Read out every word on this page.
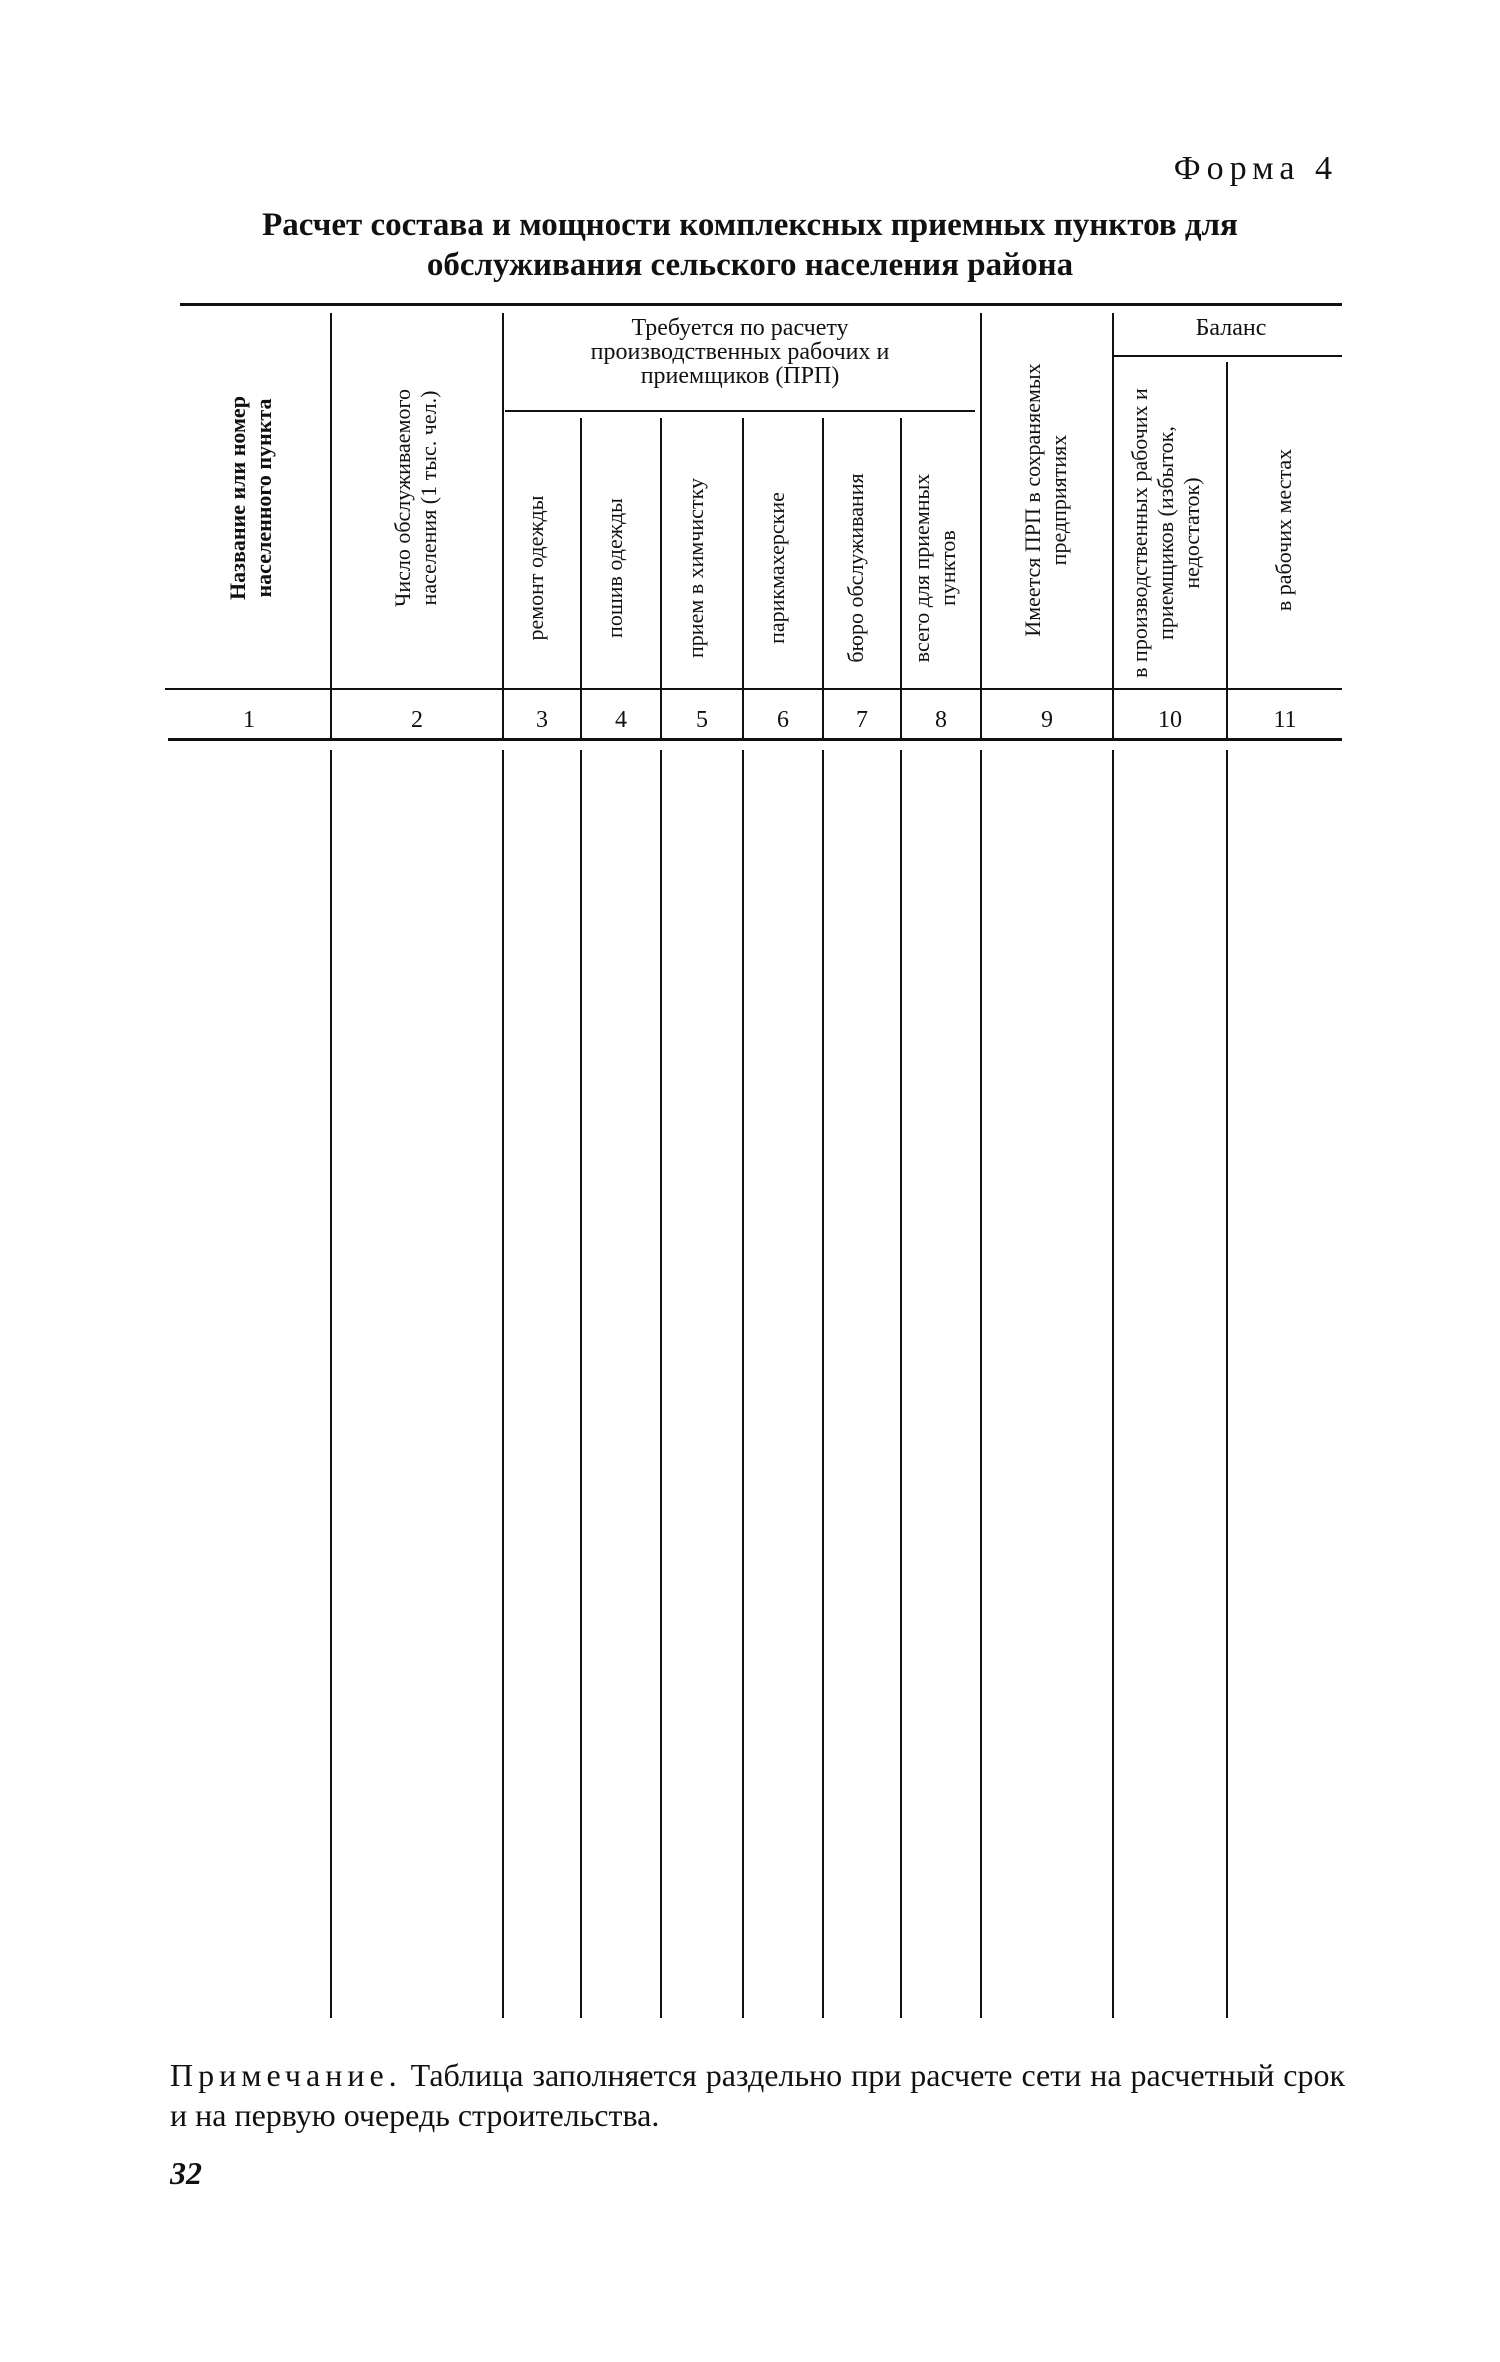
Форма 4
Расчет состава и мощности комплексных приемных пунктов для
обслуживания сельского населения района
Требуется по расчету производственных рабочих и приемщиков (ПРП)
Баланс
Название или номер населенного пункта	Число обслуживаемого населения (1 тыс. чел.)	ремонт одежды	пошив одежды	прием в химчистку	парикмахерские	бюро обслуживания	всего для приемных пунктов	Имеется ПРП в сохраняемых предприятиях	в производственных рабочих и приемщиков (избыток, недостаток)	в рабочих местах
1	2	3	4	5	6	7	8	9	10	11
Примечание. Таблица заполняется раздельно при расчете сети на расчетный срок и на первую очередь строительства.
32
